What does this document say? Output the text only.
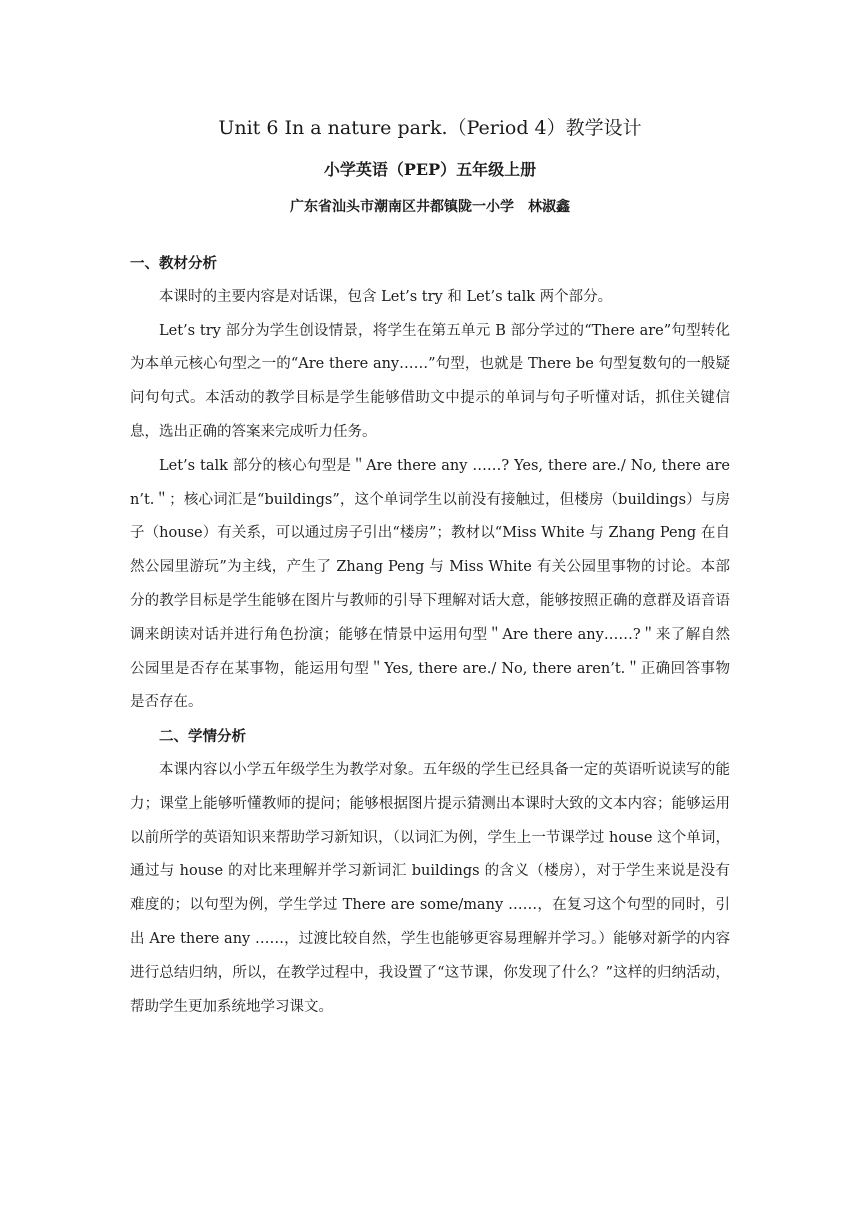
Unit 6 In a nature park.（Period 4）教学设计
小学英语（PEP）五年级上册
广东省汕头市潮南区井都镇陇一小学　林淑鑫
一、教材分析

本课时的主要内容是对话课，包含 Let’s try 和 Let’s talk 两个部分。

Let’s try 部分为学生创设情景，将学生在第五单元 B 部分学过的“There are”句型转化为本单元核心句型之一的“Are there any……”句型，也就是 There be 句型复数句的一般疑问句句式。本活动的教学目标是学生能够借助文中提示的单词与句子听懂对话，抓住关键信息，选出正确的答案来完成听力任务。

Let’s talk 部分的核心句型是＂Are there any ……? Yes, there are./ No, there aren’t.＂；核心词汇是“buildings”，这个单词学生以前没有接触过，但楼房（buildings）与房子（house）有关系，可以通过房子引出“楼房”；教材以“Miss White 与 Zhang Peng 在自然公园里游玩”为主线，产生了 Zhang Peng 与 Miss White 有关公园里事物的讨论。本部分的教学目标是学生能够在图片与教师的引导下理解对话大意，能够按照正确的意群及语音语调来朗读对话并进行角色扮演；能够在情景中运用句型＂Are there any……?＂来了解自然公园里是否存在某事物，能运用句型＂Yes, there are./ No, there aren’t.＂正确回答事物是否存在。

二、学情分析

本课内容以小学五年级学生为教学对象。五年级的学生已经具备一定的英语听说读写的能力；课堂上能够听懂教师的提问；能够根据图片提示猜测出本课时大致的文本内容；能够运用以前所学的英语知识来帮助学习新知识，（以词汇为例，学生上一节课学过 house 这个单词，通过与 house 的对比来理解并学习新词汇 buildings 的含义（楼房），对于学生来说是没有难度的；以句型为例，学生学过 There are some/many ……，在复习这个句型的同时，引出 Are there any ……，过渡比较自然，学生也能够更容易理解并学习。）能够对新学的内容进行总结归纳，所以，在教学过程中，我设置了“这节课，你发现了什么？”这样的归纳活动，帮助学生更加系统地学习课文。
